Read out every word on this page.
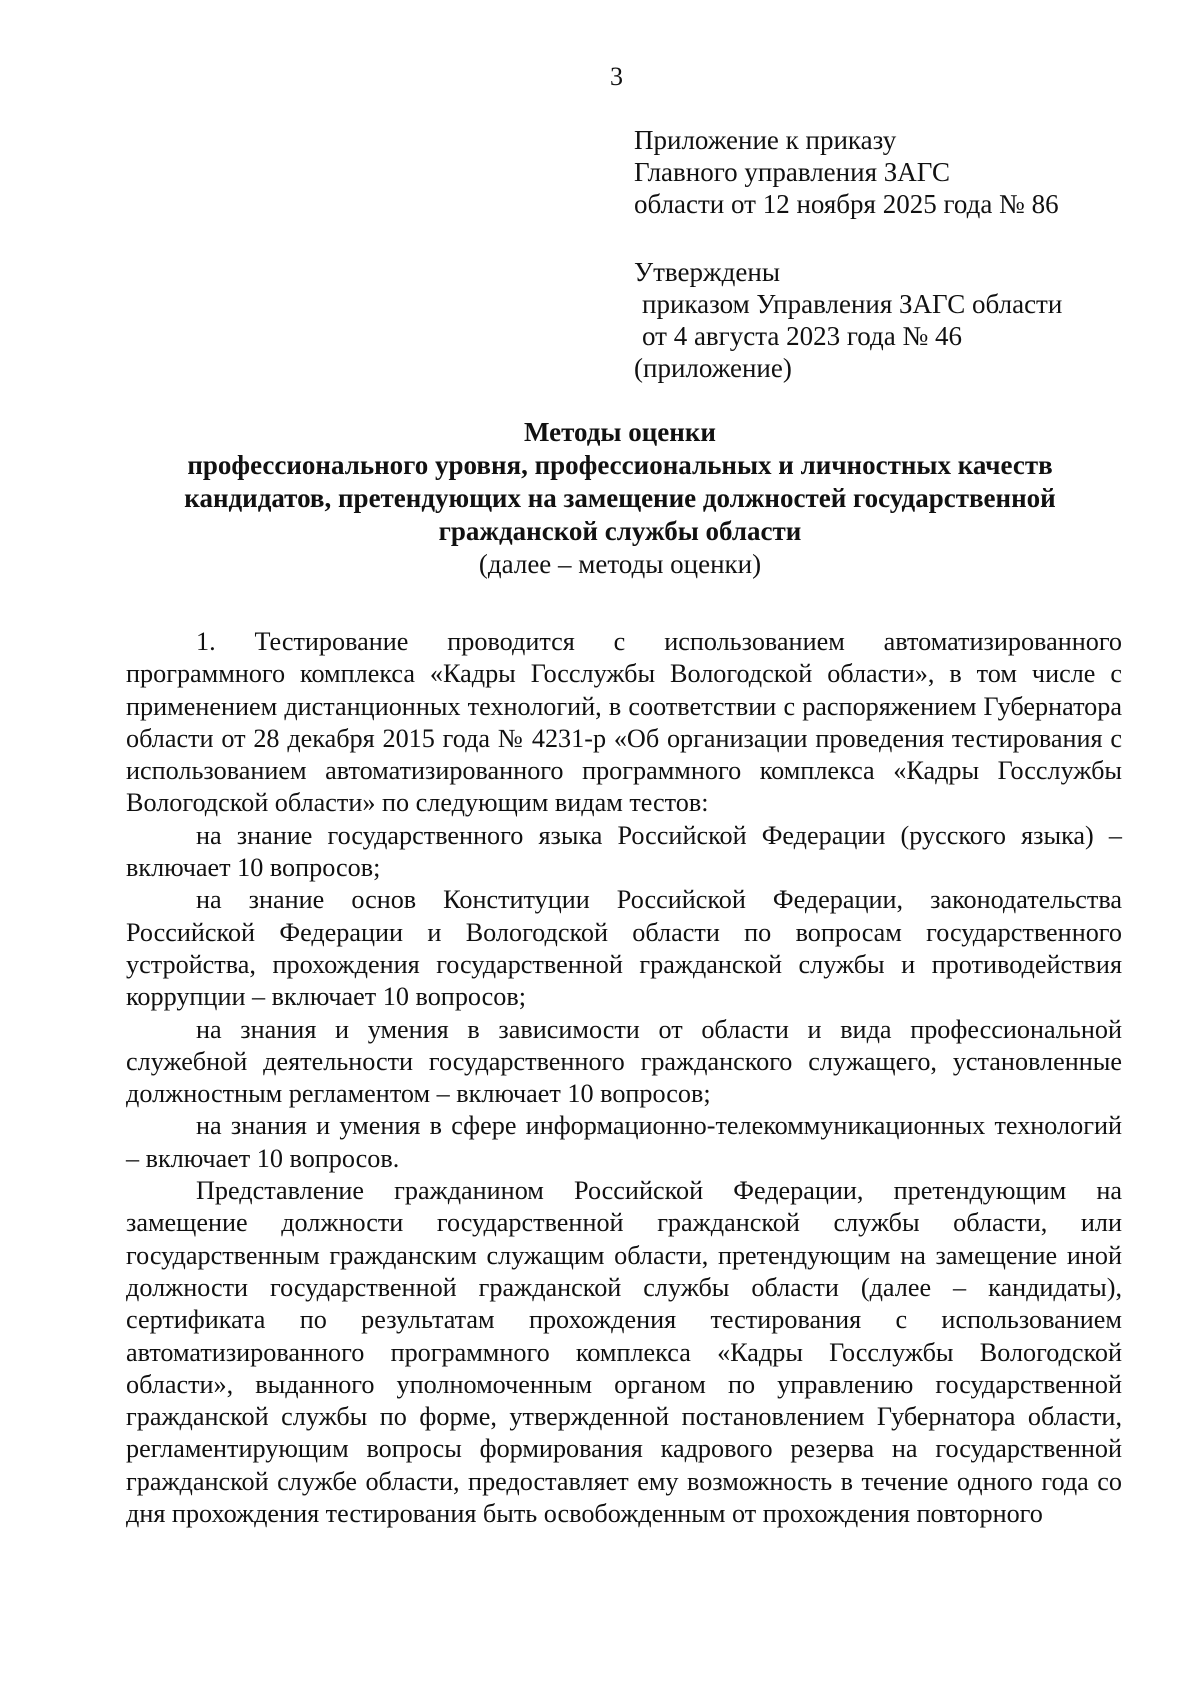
3
Приложение к приказу
Главного управления ЗАГС
области от 12 ноября 2025 года № 86
Утверждены
приказом Управления ЗАГС области
от 4 августа 2023 года № 46
(приложение)
Методы оценки
профессионального уровня, профессиональных и личностных качеств
кандидатов, претендующих на замещение должностей государственной
гражданской службы области
(далее – методы оценки)

1. Тестирование проводится с использованием автоматизированного программного комплекса «Кадры Госслужбы Вологодской области», в том числе с применением дистанционных технологий, в соответствии с распоряжением Губернатора области от 28 декабря 2015 года № 4231-р «Об организации проведения тестирования с использованием автоматизированного программного комплекса «Кадры Госслужбы Вологодской области» по следующим видам тестов:

на знание государственного языка Российской Федерации (русского языка) – включает 10 вопросов;

на знание основ Конституции Российской Федерации, законодательства Российской Федерации и Вологодской области по вопросам государственного устройства, прохождения государственной гражданской службы и противодействия коррупции – включает 10 вопросов;

на знания и умения в зависимости от области и вида профессиональной служебной деятельности государственного гражданского служащего, установленные должностным регламентом – включает 10 вопросов;

на знания и умения в сфере информационно-телекоммуникационных технологий – включает 10 вопросов.

Представление гражданином Российской Федерации, претендующим на замещение должности государственной гражданской службы области, или государственным гражданским служащим области, претендующим на замещение иной должности государственной гражданской службы области (далее – кандидаты), сертификата по результатам прохождения тестирования с использованием автоматизированного программного комплекса «Кадры Госслужбы Вологодской области», выданного уполномоченным органом по управлению государственной гражданской службы по форме, утвержденной постановлением Губернатора области, регламентирующим вопросы формирования кадрового резерва на государственной гражданской службе области, предоставляет ему возможность в течение одного года со дня прохождения тестирования быть освобожденным от прохождения повторного
